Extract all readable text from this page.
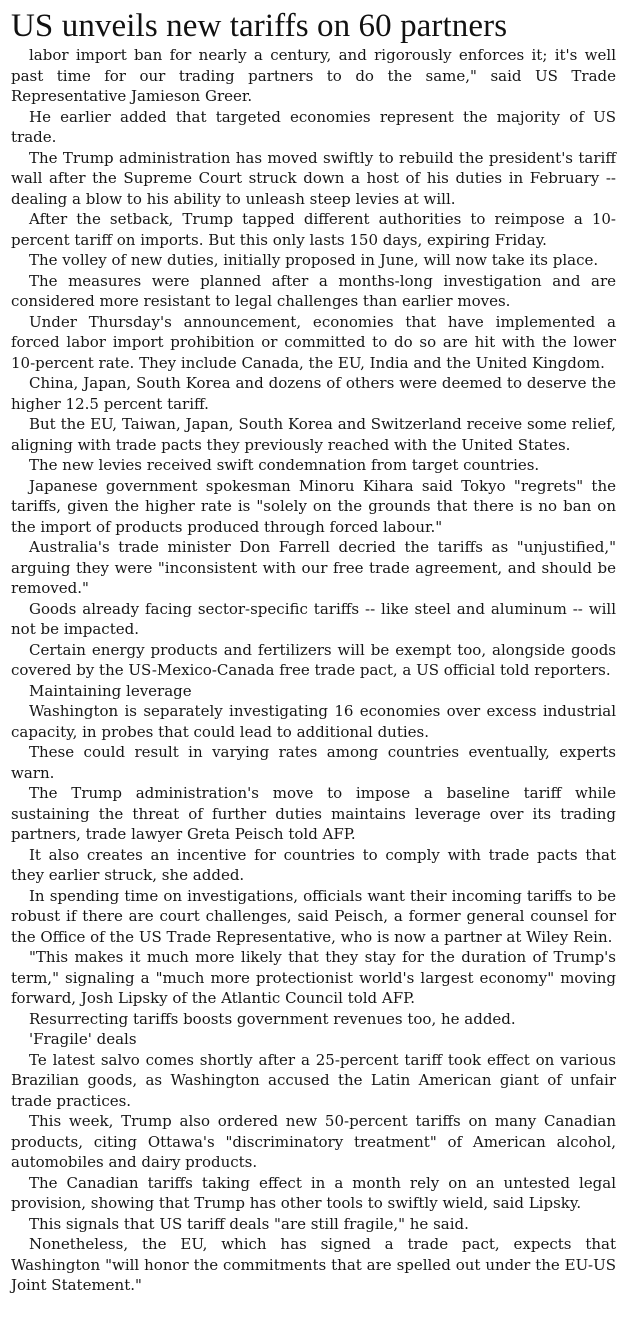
US unveils new tariffs on 60 partners

labor import ban for nearly a century, and rigorously enforces it; it's well past time for our trading partners to do the same," said US Trade Representative Jamieson Greer.

He earlier added that targeted economies represent the majority of US trade.

The Trump administration has moved swiftly to rebuild the president's tariff wall after the Supreme Court struck down a host of his duties in February -- dealing a blow to his ability to unleash steep levies at will.

After the setback, Trump tapped different authorities to reimpose a 10-percent tariff on imports. But this only lasts 150 days, expiring Friday.

The volley of new duties, initially proposed in June, will now take its place.

The measures were planned after a months-long investigation and are considered more resistant to legal challenges than earlier moves.

Under Thursday's announcement, economies that have implemented a forced labor import prohibition or committed to do so are hit with the lower 10-percent rate. They include Canada, the EU, India and the United Kingdom.

China, Japan, South Korea and dozens of others were deemed to deserve the higher 12.5 percent tariff.

But the EU, Taiwan, Japan, South Korea and Switzerland receive some relief, aligning with trade pacts they previously reached with the United States.

The new levies received swift condemnation from target countries.

Japanese government spokesman Minoru Kihara said Tokyo "regrets" the tariffs, given the higher rate is "solely on the grounds that there is no ban on the import of products produced through forced labour."

Australia's trade minister Don Farrell decried the tariffs as "unjustified," arguing they were "inconsistent with our free trade agreement, and should be removed."

Goods already facing sector-specific tariffs -- like steel and aluminum -- will not be impacted.

Certain energy products and fertilizers will be exempt too, alongside goods covered by the US-Mexico-Canada free trade pact, a US official told reporters.

Maintaining leverage

Washington is separately investigating 16 economies over excess industrial capacity, in probes that could lead to additional duties.

These could result in varying rates among countries eventually, experts warn.

The Trump administration's move to impose a baseline tariff while sustaining the threat of further duties maintains leverage over its trading partners, trade lawyer Greta Peisch told AFP.

It also creates an incentive for countries to comply with trade pacts that they earlier struck, she added.

In spending time on investigations, officials want their incoming tariffs to be robust if there are court challenges, said Peisch, a former general counsel for the Office of the US Trade Representative, who is now a partner at Wiley Rein.

"This makes it much more likely that they stay for the duration of Trump's term," signaling a "much more protectionist world's largest economy" moving forward, Josh Lipsky of the Atlantic Council told AFP.

Resurrecting tariffs boosts government revenues too, he added.

'Fragile' deals

Te latest salvo comes shortly after a 25-percent tariff took effect on various Brazilian goods, as Washington accused the Latin American giant of unfair trade practices.

This week, Trump also ordered new 50-percent tariffs on many Canadian products, citing Ottawa's "discriminatory treatment" of American alcohol, automobiles and dairy products.

The Canadian tariffs taking effect in a month rely on an untested legal provision, showing that Trump has other tools to swiftly wield, said Lipsky.

This signals that US tariff deals "are still fragile," he said.

Nonetheless, the EU, which has signed a trade pact, expects that Washington "will honor the commitments that are spelled out under the EU-US Joint Statement."
